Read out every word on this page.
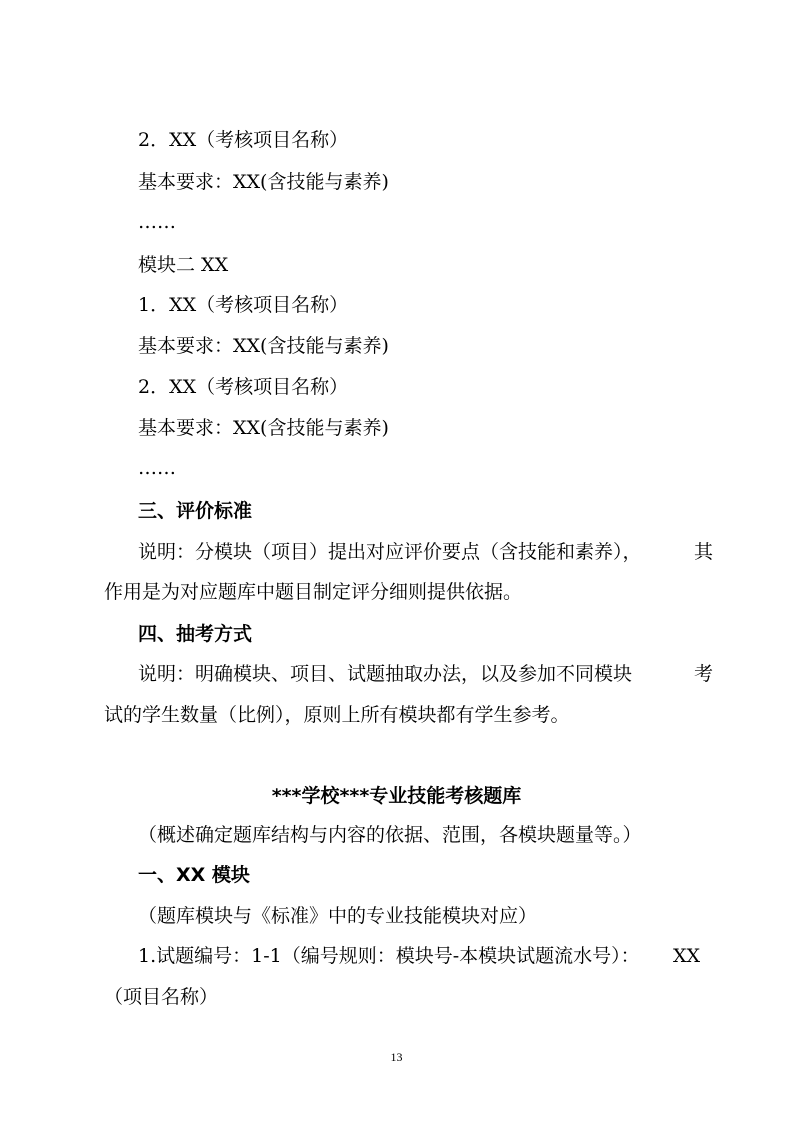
2．XX（考核项目名称）
基本要求：XX(含技能与素养)
……
模块二 XX
1．XX（考核项目名称）
基本要求：XX(含技能与素养)
2．XX（考核项目名称）
基本要求：XX(含技能与素养)
……
三、评价标准
说明：分模块（项目）提出对应评价要点（含技能和素养），	其
作用是为对应题库中题目制定评分细则提供依据。
四、抽考方式
说明：明确模块、项目、试题抽取办法，以及参加不同模块	考
试的学生数量（比例），原则上所有模块都有学生参考。
***学校***专业技能考核题库
（概述确定题库结构与内容的依据、范围，各模块题量等。）
一、XX 模块
（题库模块与《标准》中的专业技能模块对应）
1.试题编号：1-1（编号规则：模块号-本模块试题流水号）： XX
（项目名称）
13
